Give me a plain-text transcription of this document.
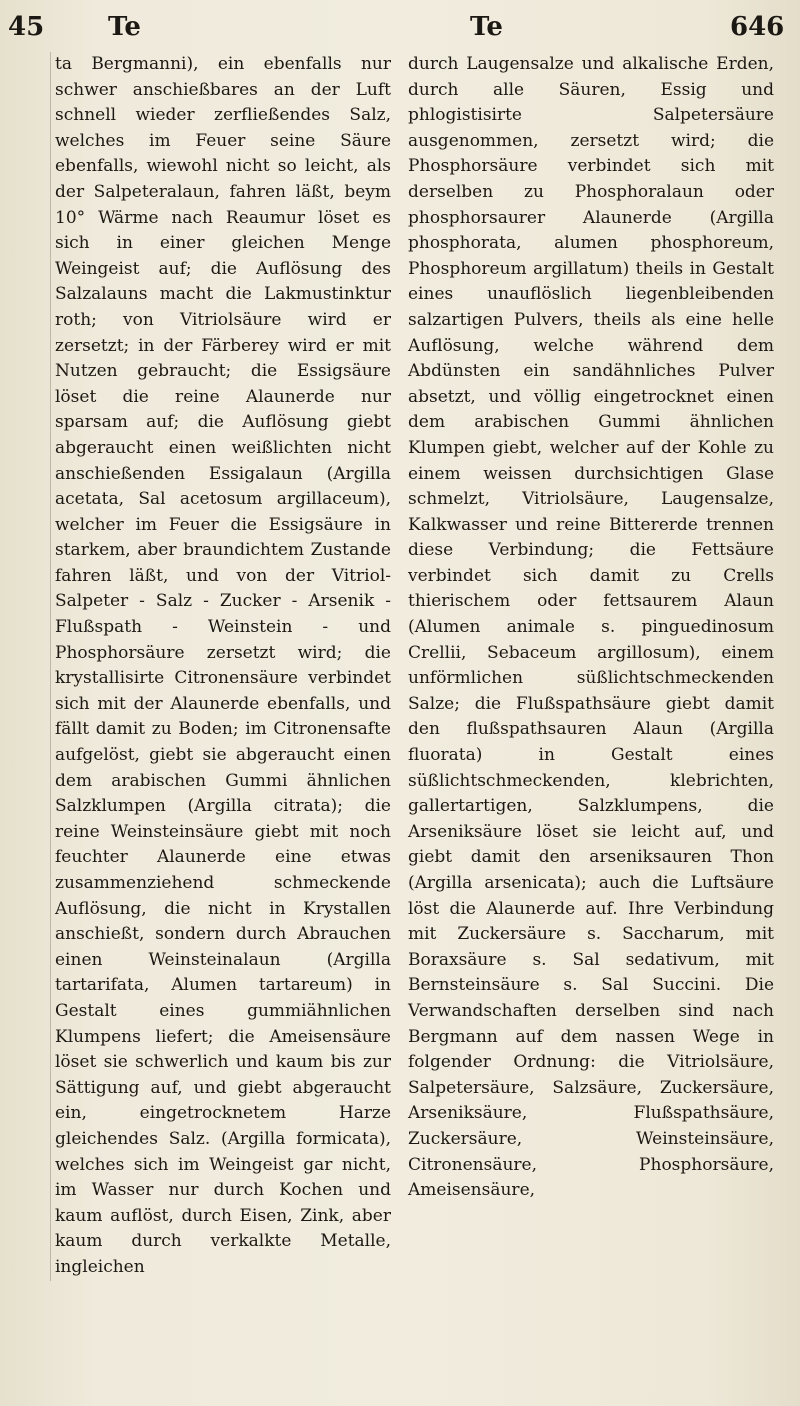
45 Te	Te	646

ta Bergmanni), ein ebenfalls nur schwer anschießbares an der Luft schnell wieder zerfließendes Salz, welches im Feuer seine Säure ebenfalls, wiewohl nicht so leicht, als der Salpeteralaun, fahren läßt, beym 10° Wärme nach Reaumur löset es sich in einer gleichen Menge Weingeist auf; die Auflösung des Salzalauns macht die Lakmustinktur roth; von Vitriolsäure wird er zersetzt; in der Färberey wird er mit Nutzen gebraucht; die Essigsäure löset die reine Alaunerde nur sparsam auf; die Auflösung giebt abgeraucht einen weißlichten nicht anschießenden Essigalaun (Argilla acetata, Sal acetosum argillaceum), welcher im Feuer die Essigsäure in starkem, aber braundichtem Zustande fahren läßt, und von der Vitriol- Salpeter - Salz - Zucker - Arsenik - Flußspath - Weinstein - und Phosphorsäure zersetzt wird; die krystallisirte Citronensäure verbindet sich mit der Alaunerde ebenfalls, und fällt damit zu Boden; im Citronensafte aufgelöst, giebt sie abgeraucht einen dem arabischen Gummi ähnlichen Salzklumpen (Argilla citrata); die reine Weinsteinsäure giebt mit noch feuchter Alaunerde eine etwas zusammenziehend schmeckende Auflösung, die nicht in Krystallen anschießt, sondern durch Abrauchen einen Weinsteinalaun (Argilla tartarifata, Alumen tartareum) in Gestalt eines gummiähnlichen Klumpens liefert; die Ameisensäure löset sie schwerlich und kaum bis zur Sättigung auf, und giebt abgeraucht ein, eingetrocknetem Harze gleichendes Salz. (Argilla formicata), welches sich im Weingeist gar nicht, im Wasser nur durch Kochen und kaum auflöst, durch Eisen, Zink, aber kaum durch verkalkte Metalle, ingleichen

durch Laugensalze und alkalische Erden, durch alle Säuren, Essig und phlogistisirte Salpetersäure ausgenommen, zersetzt wird; die Phosphorsäure verbindet sich mit derselben zu Phosphoralaun oder phosphorsaurer Alaunerde (Argilla phosphorata, alumen phosphoreum, Phosphoreum argillatum) theils in Gestalt eines unauflöslich liegenbleibenden salzartigen Pulvers, theils als eine helle Auflösung, welche während dem Abdünsten ein sandähnliches Pulver absetzt, und völlig eingetrocknet einen dem arabischen Gummi ähnlichen Klumpen giebt, welcher auf der Kohle zu einem weissen durchsichtigen Glase schmelzt, Vitriolsäure, Laugensalze, Kalkwasser und reine Bittererde trennen diese Verbindung; die Fettsäure verbindet sich damit zu Crells thierischem oder fettsaurem Alaun (Alumen animale s. pinguedinosum Crellii, Sebaceum argillosum), einem unförmlichen süßlichtschmeckenden Salze; die Flußspathsäure giebt damit den flußspathsauren Alaun (Argilla fluorata) in Gestalt eines süßlichtschmeckenden, klebrichten, gallertartigen, Salzklumpens, die Arseniksäure löset sie leicht auf, und giebt damit den arseniksauren Thon (Argilla arsenicata); auch die Luftsäure löst die Alaunerde auf. Ihre Verbindung mit Zuckersäure s. Saccharum, mit Boraxsäure s. Sal sedativum, mit Bernsteinsäure s. Sal Succini. Die Verwandschaften derselben sind nach Bergmann auf dem nassen Wege in folgender Ordnung: die Vitriolsäure, Salpetersäure, Salzsäure, Zuckersäure, Arseniksäure, Flußspathsäure, Zuckersäure, Weinsteinsäure, Citronensäure, Phosphorsäure, Ameisensäure,
